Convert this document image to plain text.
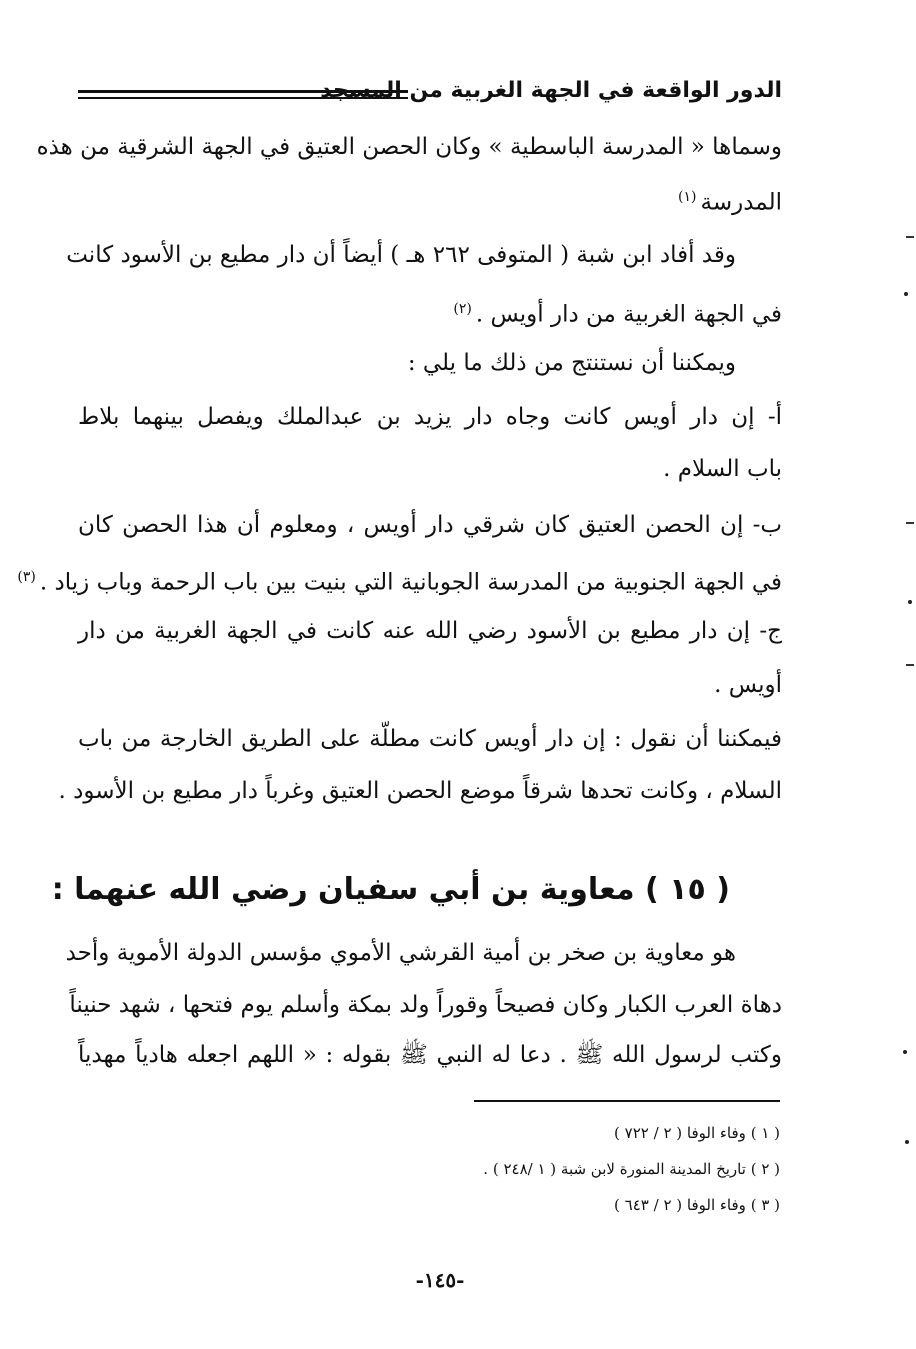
الدور الواقعة في الجهة الغربية من المسجد
وسماها « المدرسة الباسطية » وكان الحصن العتيق في الجهة الشرقية من هذه
المدرسة$^{(١)}$
وقد أفاد ابن شبة ( المتوفى ٢٦٢ هـ ) أيضاً أن دار مطيع بن الأسود كانت
في الجهة الغربية من دار أويس .$^{(٢)}$
ويمكننا أن نستنتج من ذلك ما يلي :
أ- إن دار أويس كانت وجاه دار يزيد بن عبدالملك ويفصل بينهما بلاط
باب السلام .
ب- إن الحصن العتيق كان شرقي دار أويس ، ومعلوم أن هذا الحصن كان
في الجهة الجنوبية من المدرسة الجوبانية التي بنيت بين باب الرحمة وباب زياد .$^{(٣)}$
ج- إن دار مطيع بن الأسود رضي الله عنه كانت في الجهة الغربية من دار
أويس .
فيمكننا أن نقول : إن دار أويس كانت مطلّة على الطريق الخارجة من باب
السلام ، وكانت تحدها شرقاً موضع الحصن العتيق وغرباً دار مطيع بن الأسود .
( ١٥ ) معاوية بن أبي سفيان رضي الله عنهما :
هو معاوية بن صخر بن أمية القرشي الأموي مؤسس الدولة الأموية وأحد
دهاة العرب الكبار وكان فصيحاً وقوراً ولد بمكة وأسلم يوم فتحها ، شهد حنيناً
وكتب لرسول الله ﷺ . دعا له النبي ﷺ بقوله : « اللهم اجعله هادياً مهدياً
( ١ ) وفاء الوفا ( ٢ / ٧٢٢ )
( ٢ ) تاريخ المدينة المنورة لابن شبة ( ١ /٢٤٨ ) .
( ٣ ) وفاء الوفا ( ٢ / ٦٤٣ )
-١٤٥-
